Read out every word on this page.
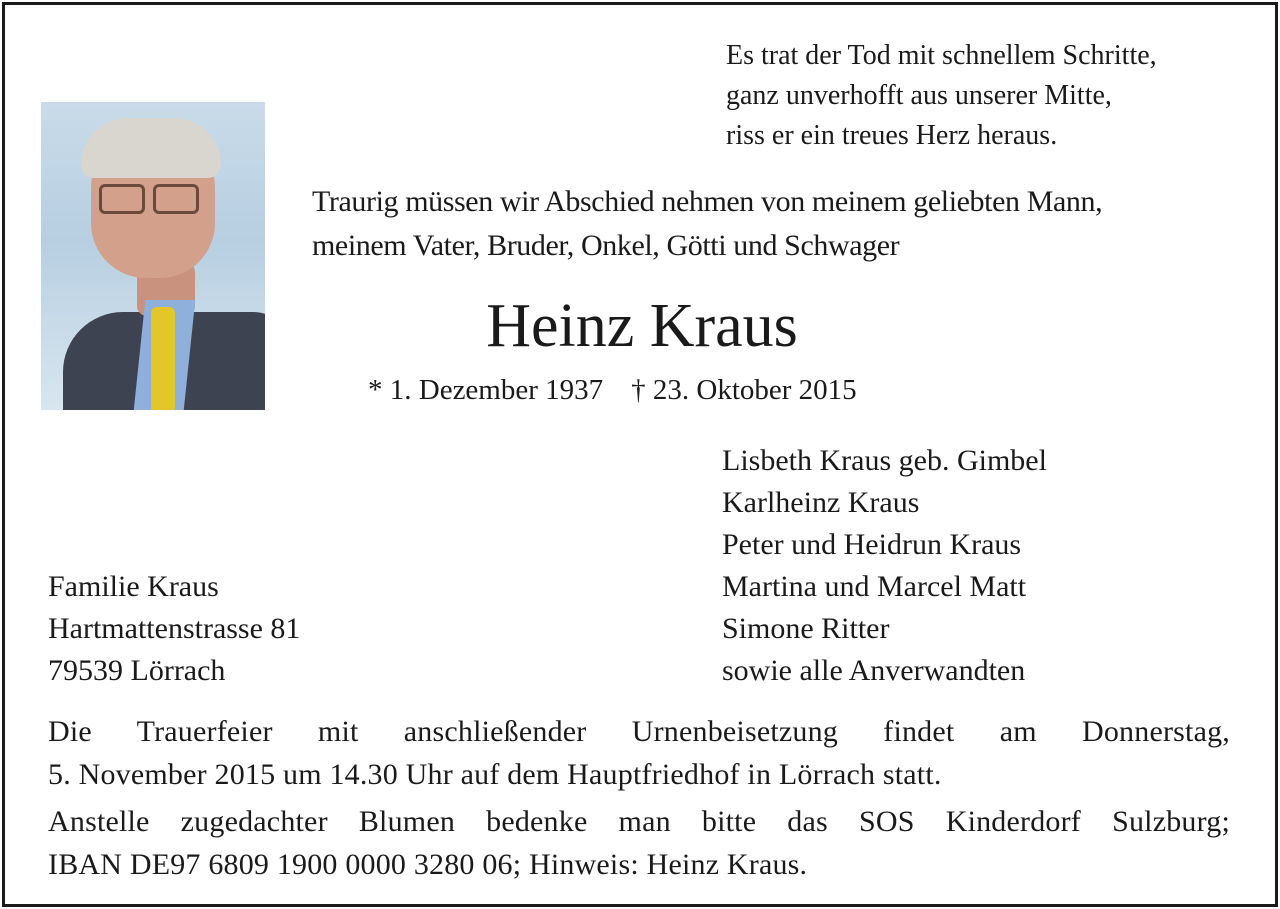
Es trat der Tod mit schnellem Schritte,
ganz unverhofft aus unserer Mitte,
riss er ein treues Herz heraus.
Traurig müssen wir Abschied nehmen von meinem geliebten Mann,
meinem Vater, Bruder, Onkel, Götti und Schwager
Heinz Kraus
* 1. Dezember 1937 † 23. Oktober 2015
Lisbeth Kraus geb. Gimbel
Karlheinz Kraus
Peter und Heidrun Kraus
Martina und Marcel Matt
Simone Ritter
sowie alle Anverwandten
Familie Kraus
Hartmattenstrasse 81
79539 Lörrach
Die Trauerfeier mit anschließender Urnenbeisetzung findet am Donnerstag,
5. November 2015 um 14.30 Uhr auf dem Hauptfriedhof in Lörrach statt.
Anstelle zugedachter Blumen bedenke man bitte das SOS Kinderdorf Sulzburg;
IBAN DE97 6809 1900 0000 3280 06; Hinweis: Heinz Kraus.
